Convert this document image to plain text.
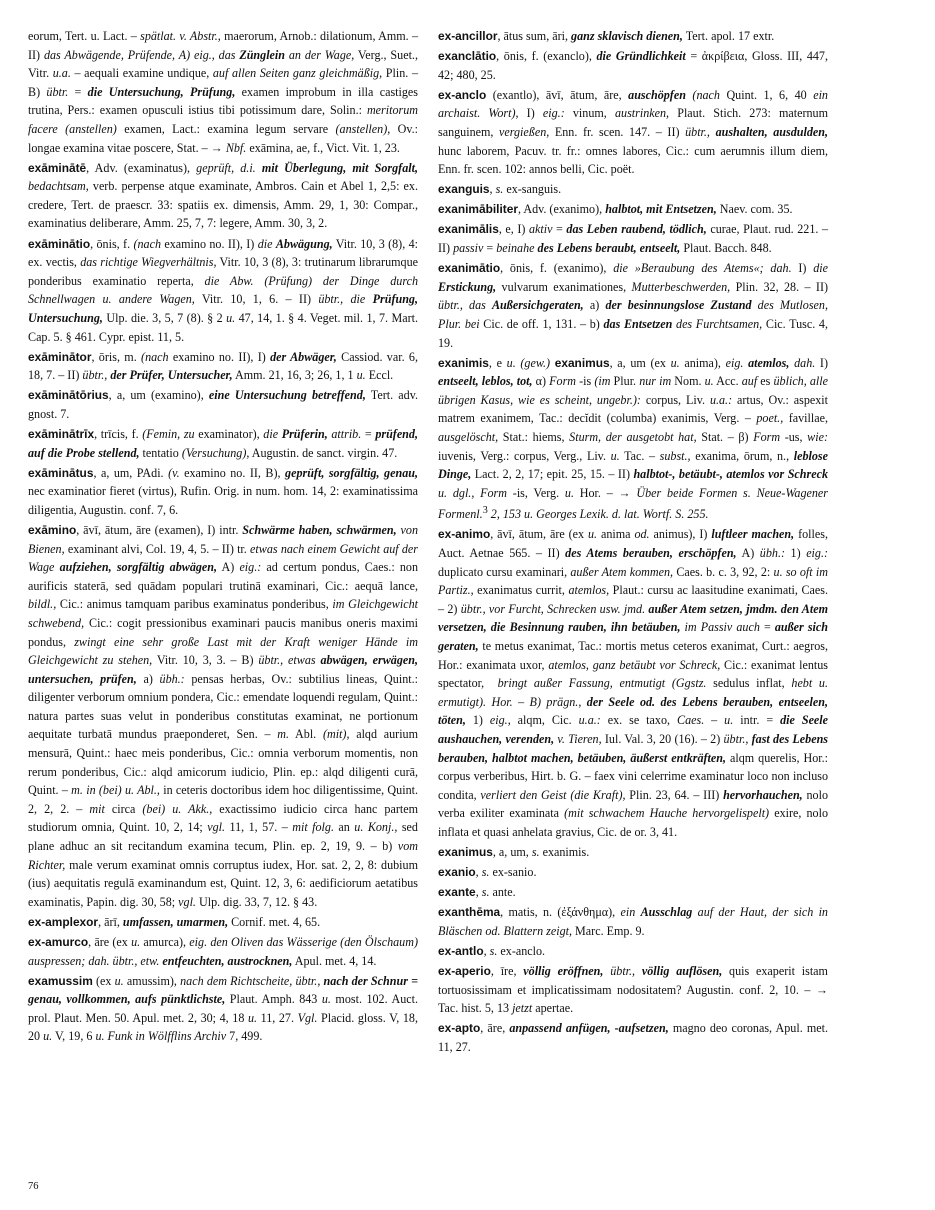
eorum, Tert. u. Lact. – spätlat. v. Abstr., maerorum, Arnob.: dilationum, Amm. – II) das Abwägende, Prüfende, A) eig., das Zünglein an der Wage, Verg., Suet., Vitr. u.a. – aequali examine undique, auf allen Seiten ganz gleichmäßig, Plin. – B) übtr. = die Untersuchung, Prüfung, examen improbum in illa castiges trutina, Pers.: examen opusculi istius tibi potissimum dare, Solin.: meritorum facere (anstellen) examen, Lact.: examina legum servare (anstellen), Ov.: longae examina vitae poscere, Stat. – → Nbf. exāmina, ae, f., Vict. Vit. 1, 23.

exāminātē, Adv. (examinatus), geprüft, d.i. mit Überlegung, mit Sorgfalt, bedachtsam, verb. perpense atque examinate, Ambros. Cain et Abel 1, 2,5: ex. credere, Tert. de praescr. 33: spatiis ex. dimensis, Amm. 29, 1, 30: Compar., examinatius deliberare, Amm. 25, 7, 7: legere, Amm. 30, 3, 2.

exāminātio, ōnis, f. (nach examino no. II), I) die Abwägung, Vitr. 10, 3 (8), 4: ex. vectis, das richtige Wiegverhältnis, Vitr. 10, 3 (8), 3: trutinarum librarumque ponderibus examinatio reperta, die Abw. (Prüfung) der Dinge durch Schnellwagen u. andere Wagen, Vitr. 10, 1, 6. – II) übtr., die Prüfung, Untersuchung, Ulp. die. 3, 5, 7 (8). § 2 u. 47, 14, 1. § 4. Veget. mil. 1, 7. Mart. Cap. 5. § 461. Cypr. epist. 11, 5.

exāminātor, ōris, m. (nach examino no. II), I) der Abwäger, Cassiod. var. 6, 18, 7. – II) übtr., der Prüfer, Untersucher, Amm. 21, 16, 3; 26, 1, 1 u. Eccl.

exāminātōrius, a, um (examino), eine Untersuchung betreffend, Tert. adv. gnost. 7.

exāminātrīx, trīcis, f. (Femin, zu examinator), die Prüferin, attrib. = prüfend, auf die Probe stellend, tentatio (Versuchung), Augustin. de sanct. virgin. 47.

exāminātus, a, um, PAdi. (v. examino no. II, B), geprüft, sorgfältig, genau, nec examinatior fieret (virtus), Rufin. Orig. in num. hom. 14, 2: examinatissima diligentia, Augustin. conf. 7, 6.

exāmino, āvī, ātum, āre (examen), I) intr. Schwärme haben, schwärmen, von Bienen, examinant alvi, Col. 19, 4, 5. – II) tr. etwas nach einem Gewicht auf der Wage aufziehen, sorgfältig abwägen, A) eig.: ad certum pondus, Caes.: non aurificis staterā, sed quādam populari trutinā examinari, Cic.: aequā lance, bildl., Cic.: animus tamquam paribus examinatus ponderibus, im Gleichgewicht schwebend, Cic.: cogit pressionibus examinari paucis manibus oneris maximi pondus, zwingt eine sehr große Last mit der Kraft weniger Hände im Gleichgewicht zu stehen, Vitr. 10, 3, 3. – B) übtr., etwas abwägen, erwägen, untersuchen, prüfen, a) übh.: pensas herbas, Ov.: subtilius lineas, Quint.: diligenter verborum omnium pondera, Cic.: emendate loquendi regulam, Quint.: natura partes suas velut in ponderibus constitutas examinat, ne portionum aequitate turbatā mundus praeponderet, Sen. – m. Abl. (mit), alqd aurium mensurā, Quint.: haec meis ponderibus, Cic.: omnia verborum momentis, non rerum ponderibus, Cic.: alqd amicorum iudicio, Plin. ep.: alqd diligenti curā, Quint. – m. in (bei) u. Abl., in ceteris doctoribus idem hoc diligentissime, Quint. 2, 2, 2. – mit circa (bei) u. Akk., exactissimo iudicio circa hanc partem studiorum omnia, Quint. 10, 2, 14; vgl. 11, 1, 57. – mit folg. an u. Konj., sed plane adhuc an sit recitandum examina tecum, Plin. ep. 2, 19, 9. – b) vom Richter, male verum examinat omnis corruptus iudex, Hor. sat. 2, 2, 8: dubium (ius) aequitatis regulā examinandum est, Quint. 12, 3, 6: aedificiorum aetatibus examinatis, Papin. dig. 30, 58; vgl. Ulp. dig. 33, 7, 12. § 43.

ex-amplexor, ārī, umfassen, umarmen, Cornif. met. 4, 65.

ex-amurco, āre (ex u. amurca), eig. den Oliven das Wässerige (den Ölschaum) auspressen; dah. übtr., etw. entfeuchten, austrocknen, Apul. met. 4, 14.

examussim (ex u. amussim), nach dem Richtscheite, übtr., nach der Schnur = genau, vollkommen, aufs pünktlichste, Plaut. Amph. 843 u. most. 102. Auct. prol. Plaut. Men. 50. Apul. met. 2, 30; 4, 18 u. 11, 27. Vgl. Placid. gloss. V, 18, 20 u. V, 19, 6 u. Funk in Wölfflins Archiv 7, 499.

ex-ancillor, ātus sum, āri, ganz sklavisch dienen, Tert. apol. 17 extr.

exanclātio, ōnis, f. (exanclo), die Gründlichkeit = ἀκρίβεια, Gloss. III, 447, 42; 480, 25.

ex-anclo (exantlo), āvī, ātum, āre, auschöpfen (nach Quint. 1, 6, 40 ein archaist. Wort), I) eig.: vinum, austrinken, Plaut. Stich. 273: maternum sanguinem, vergießen, Enn. fr. scen. 147. – II) übtr., aushalten, ausdulden, hunc laborem, Pacuv. tr. fr.: omnes labores, Cic.: cum aerumnis illum diem, Enn. fr. scen. 102: annos belli, Cic. poët.

exanguis, s. ex-sanguis.

exanimābiliter, Adv. (exanimo), halbtot, mit Entsetzen, Naev. com. 35.

exanimālis, e, I) aktiv = das Leben raubend, tödlich, curae, Plaut. rud. 221. – II) passiv = beinahe des Lebens beraubt, entseelt, Plaut. Bacch. 848.

exanimātio, ōnis, f. (exanimo), die »Beraubung des Atems«; dah. I) die Erstickung, vulvarum exanimationes, Mutterbeschwerden, Plin. 32, 28. – II) übtr., das Außersichgeraten, a) der besinnungslose Zustand des Mutlosen, Plur. bei Cic. de off. 1, 131. – b) das Entsetzen des Furchtsamen, Cic. Tusc. 4, 19.

exanimis, e u. (gew.) exanimus, a, um (ex u. anima), eig. atemlos, dah. I) entseelt, leblos, tot, α) Form -is (im Plur. nur im Nom. u. Acc. auf es üblich, alle übrigen Kasus, wie es scheint, ungebr.): corpus, Liv. u.a.: artus, Ov.: aspexit matrem exanimem, Tac.: decĭdit (columba) exanimis, Verg. – poet., favillae, ausgelöscht, Stat.: hiems, Sturm, der ausgetobt hat, Stat. – β) Form -us, wie: iuvenis, Verg.: corpus, Verg., Liv. u. Tac. – subst., exanima, ōrum, n., leblose Dinge, Lact. 2, 2, 17; epit. 25, 15. – II) halbtot-, betäubt-, atemlos vor Schreck u. dgl., Form -is, Verg. u. Hor. – → Über beide Formen s. Neue-Wagener Formenl.$^3$ 2, 153 u. Georges Lexik. d. lat. Wortf. S. 255.

ex-animo, āvī, ātum, āre (ex u. anima od. animus), I) luftleer machen, folles, Auct. Aetnae 565. – II) des Atems berauben, erschöpfen, A) übh.: 1) eig.: duplicato cursu examinari, außer Atem kommen, Caes. b. c. 3, 92, 2: u. so oft im Partiz., exanimatus currit, atemlos, Plaut.: cursu ac laasitudine exanimati, Caes. – 2) übtr., vor Furcht, Schrecken usw. jmd. außer Atem setzen, jmdm. den Atem versetzen, die Besinnung rauben, ihn betäuben, im Passiv auch = außer sich geraten, te metus exanimat, Tac.: mortis metus ceteros exanimat, Curt.: aegros, Hor.: exanimata uxor, atemlos, ganz betäubt vor Schreck, Cic.: exanimat lentus spectator,  bringt außer Fassung, entmutigt (Ggstz. sedulus inflat, hebt u. ermutigt). Hor. – B) prägn., der Seele od. des Lebens berauben, entseelen, töten, 1) eig., alqm, Cic. u.a.: ex. se taxo, Caes. – u. intr. = die Seele aushauchen, verenden, v. Tieren, Iul. Val. 3, 20 (16). – 2) übtr., fast des Lebens berauben, halbtot machen, betäuben, äußerst entkräften, alqm querelis, Hor.: corpus verberibus, Hirt. b. G. – faex vini celerrime examinatur loco non incluso condita, verliert den Geist (die Kraft), Plin. 23, 64. – III) hervorhauchen, nolo verba exiliter examinata (mit schwachem Hauche hervorgelispelt) exire, nolo inflata et quasi anhelata gravius, Cic. de or. 3, 41.

exanimus, a, um, s. exanimis.

exanio, s. ex-sanio.

exante, s. ante.

exanthēma, matis, n. (ἐξάνθημα), ein Ausschlag auf der Haut, der sich in Bläschen od. Blattern zeigt, Marc. Emp. 9.

ex-antlo, s. ex-anclo.

ex-aperio, īre, völlig eröffnen, übtr., völlig auflösen, quis exaperit istam tortuosissimam et implicatissimam nodositatem? Augustin. conf. 2, 10. – → Tac. hist. 5, 13 jetzt apertae.

ex-apto, āre, anpassend anfügen, -aufsetzen, magno deo coronas, Apul. met. 11, 27.

76
